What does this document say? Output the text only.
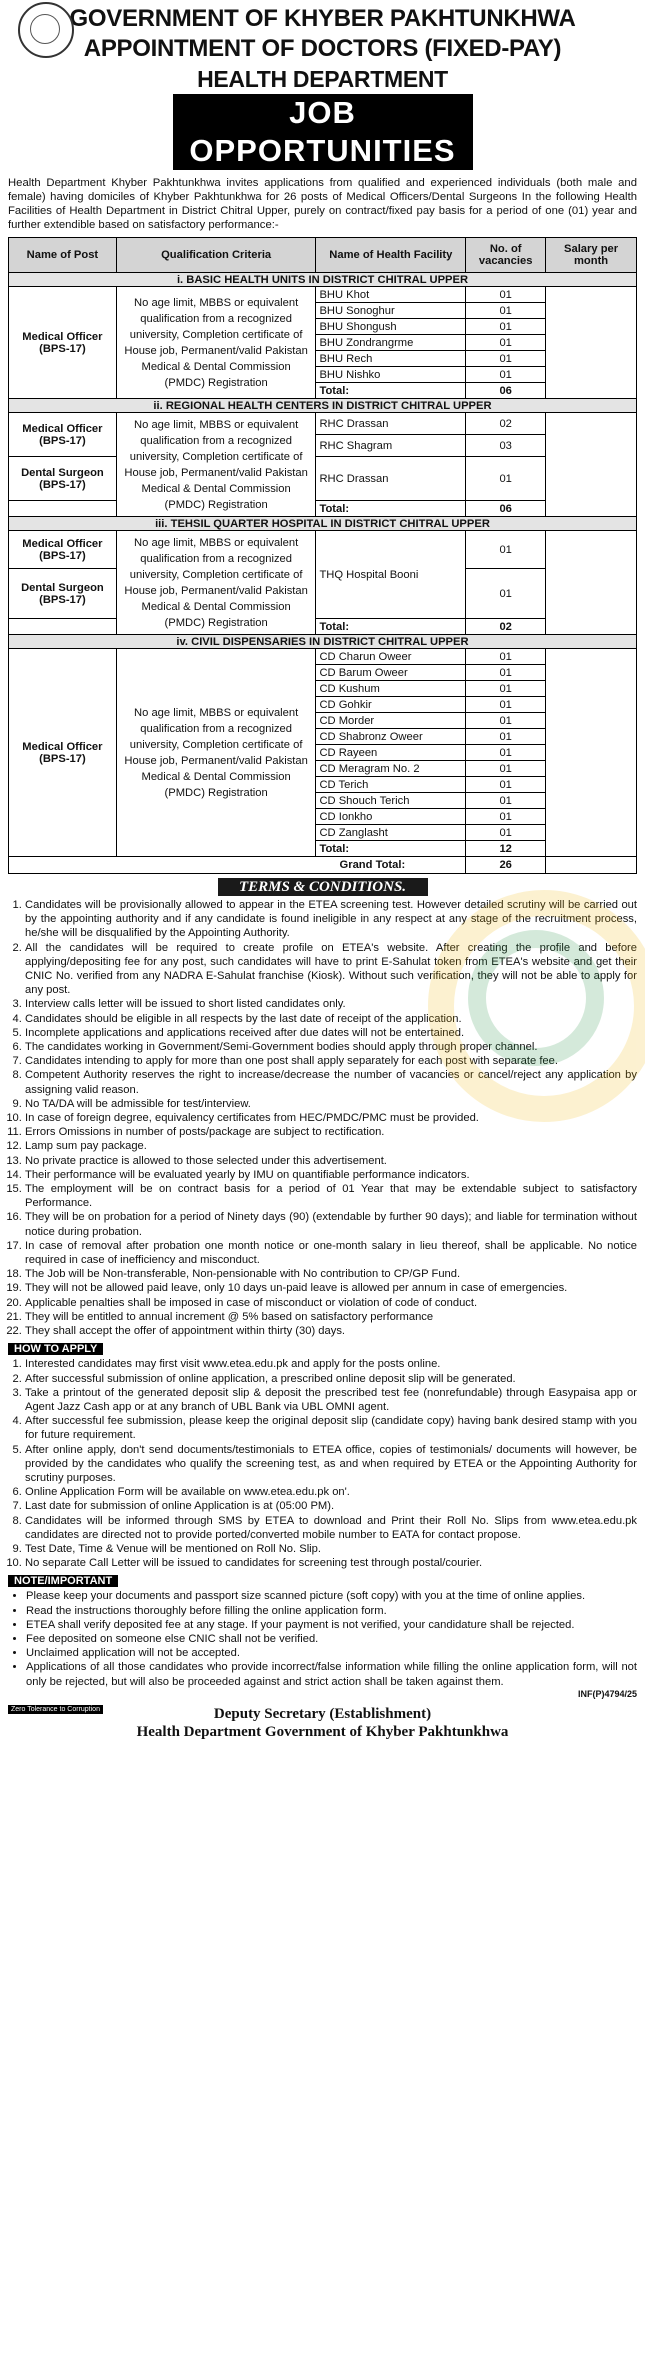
GOVERNMENT OF KHYBER PAKHTUNKHWA
APPOINTMENT OF DOCTORS (FIXED-PAY)
HEALTH DEPARTMENT
JOB OPPORTUNITIES
Health Department Khyber Pakhtunkhwa invites applications from qualified and experienced individuals (both male and female) having domiciles of Khyber Pakhtunkhwa for 26 posts of Medical Officers/Dental Surgeons In the following Health Facilities of Health Department in District Chitral Upper, purely on contract/fixed pay basis for a period of one (01) year and further extendible based on satisfactory performance:-
Name of Post	Qualification Criteria	Name of Health Facility	No. of vacancies	Salary per month
i. BASIC HEALTH UNITS IN DISTRICT CHITRAL UPPER				
Medical Officer (BPS-17)	No age limit, MBBS or equivalent qualification from a recognized university, Completion certificate of House job, Permanent/valid Pakistan Medical & Dental Commission (PMDC) Registration	BHU Khot	01	
		BHU Sonoghur	01	
		BHU Shongush	01	
		BHU Zondrangrme	01	
		BHU Rech	01	
		BHU Nishko	01	
		Total:	06	
ii. REGIONAL HEALTH CENTERS IN DISTRICT CHITRAL UPPER				
Medical Officer (BPS-17)	No age limit, MBBS or equivalent qualification from a recognized university, Completion certificate of House job, Permanent/valid Pakistan Medical & Dental Commission (PMDC) Registration	RHC Drassan	02	
		RHC Shagram	03	
Dental Surgeon (BPS-17)		RHC Drassan	01	
		Total:	06	
iii. TEHSIL QUARTER HOSPITAL IN DISTRICT CHITRAL UPPER				
Medical Officer (BPS-17)	No age limit, MBBS or equivalent qualification from a recognized university, Completion certificate of House job, Permanent/valid Pakistan Medical & Dental Commission (PMDC) Registration	THQ Hospital Booni	01	
Dental Surgeon (BPS-17)			01	
		Total:	02	
iv. CIVIL DISPENSARIES IN DISTRICT CHITRAL UPPER				
Medical Officer (BPS-17)	No age limit, MBBS or equivalent qualification from a recognized university, Completion certificate of House job, Permanent/valid Pakistan Medical & Dental Commission (PMDC) Registration	CD Charun Oweer	01	
		CD Barum Oweer	01	
		CD Kushum	01	
		CD Gohkir	01	
		CD Morder	01	
		CD Shabronz Oweer	01	
		CD Rayeen	01	
		CD Meragram No. 2	01	
		CD Terich	01	
		CD Shouch Terich	01	
		CD Ionkho	01	
		CD Zanglasht	01	
		Total:	12	
Grand Total:			26	
TERMS & CONDITIONS.
1. Candidates will be provisionally allowed to appear in the ETEA screening test. However detailed scrutiny will be carried out by the appointing authority and if any candidate is found ineligible in any respect at any stage of the recruitment process, he/she will be disqualified by the Appointing Authority.
2. All the candidates will be required to create profile on ETEA's website. After creating the profile and before applying/depositing fee for any post, such candidates will have to print E-Sahulat token from ETEA's website and get their CNIC No. verified from any NADRA E-Sahulat franchise (Kiosk). Without such verification, they will not be able to apply for any post.
3. Interview calls letter will be issued to short listed candidates only.
4. Candidates should be eligible in all respects by the last date of receipt of the application.
5. Incomplete applications and applications received after due dates will not be entertained.
6. The candidates working in Government/Semi-Government bodies should apply through proper channel.
7. Candidates intending to apply for more than one post shall apply separately for each post with separate fee.
8. Competent Authority reserves the right to increase/decrease the number of vacancies or cancel/reject any application by assigning valid reason.
9. No TA/DA will be admissible for test/interview.
10. In case of foreign degree, equivalency certificates from HEC/PMDC/PMC must be provided.
11. Errors Omissions in number of posts/package are subject to rectification.
12. Lamp sum pay package.
13. No private practice is allowed to those selected under this advertisement.
14. Their performance will be evaluated yearly by IMU on quantifiable performance indicators.
15. The employment will be on contract basis for a period of 01 Year that may be extendable subject to satisfactory Performance.
16. They will be on probation for a period of Ninety days (90) (extendable by further 90 days); and liable for termination without notice during probation.
17. In case of removal after probation one month notice or one-month salary in lieu thereof, shall be applicable. No notice required in case of inefficiency and misconduct.
18. The Job will be Non-transferable, Non-pensionable with No contribution to CP/GP Fund.
19. They will not be allowed paid leave, only 10 days un-paid leave is allowed per annum in case of emergencies.
20. Applicable penalties shall be imposed in case of misconduct or violation of code of conduct.
21. They will be entitled to annual increment @ 5% based on satisfactory performance
22. They shall accept the offer of appointment within thirty (30) days.
HOW TO APPLY
1. Interested candidates may first visit www.etea.edu.pk and apply for the posts online.
2. After successful submission of online application, a prescribed online deposit slip will be generated.
3. Take a printout of the generated deposit slip & deposit the prescribed test fee (nonrefundable) through Easypaisa app or Agent Jazz Cash app or at any branch of UBL Bank via UBL OMNI agent.
4. After successful fee submission, please keep the original deposit slip (candidate copy) having bank desired stamp with you for future requirement.
5. After online apply, don't send documents/testimonials to ETEA office, copies of testimonials/ documents will however, be provided by the candidates who qualify the screening test, as and when required by ETEA or the Appointing Authority for scrutiny purposes.
6. Online Application Form will be available on www.etea.edu.pk on'.
7. Last date for submission of online Application is at (05:00 PM).
8. Candidates will be informed through SMS by ETEA to download and Print their Roll No. Slips from www.etea.edu.pk candidates are directed not to provide ported/converted mobile number to EATA for contact propose.
9. Test Date, Time & Venue will be mentioned on Roll No. Slip.
10. No separate Call Letter will be issued to candidates for screening test through postal/courier.
NOTE/IMPORTANT
• Please keep your documents and passport size scanned picture (soft copy) with you at the time of online applies.
• Read the instructions thoroughly before filling the online application form.
• ETEA shall verify deposited fee at any stage. If your payment is not verified, your candidature shall be rejected.
• Fee deposited on someone else CNIC shall not be verified.
• Unclaimed application will not be accepted.
• Applications of all those candidates who provide incorrect/false information while filling the online application form, will not only be rejected, but will also be proceeded against and strict action shall be taken against them.
INF(P)4794/25
Zero Tolerance to Corruption	Deputy Secretary (Establishment)
Health Department Government of Khyber Pakhtunkhwa
